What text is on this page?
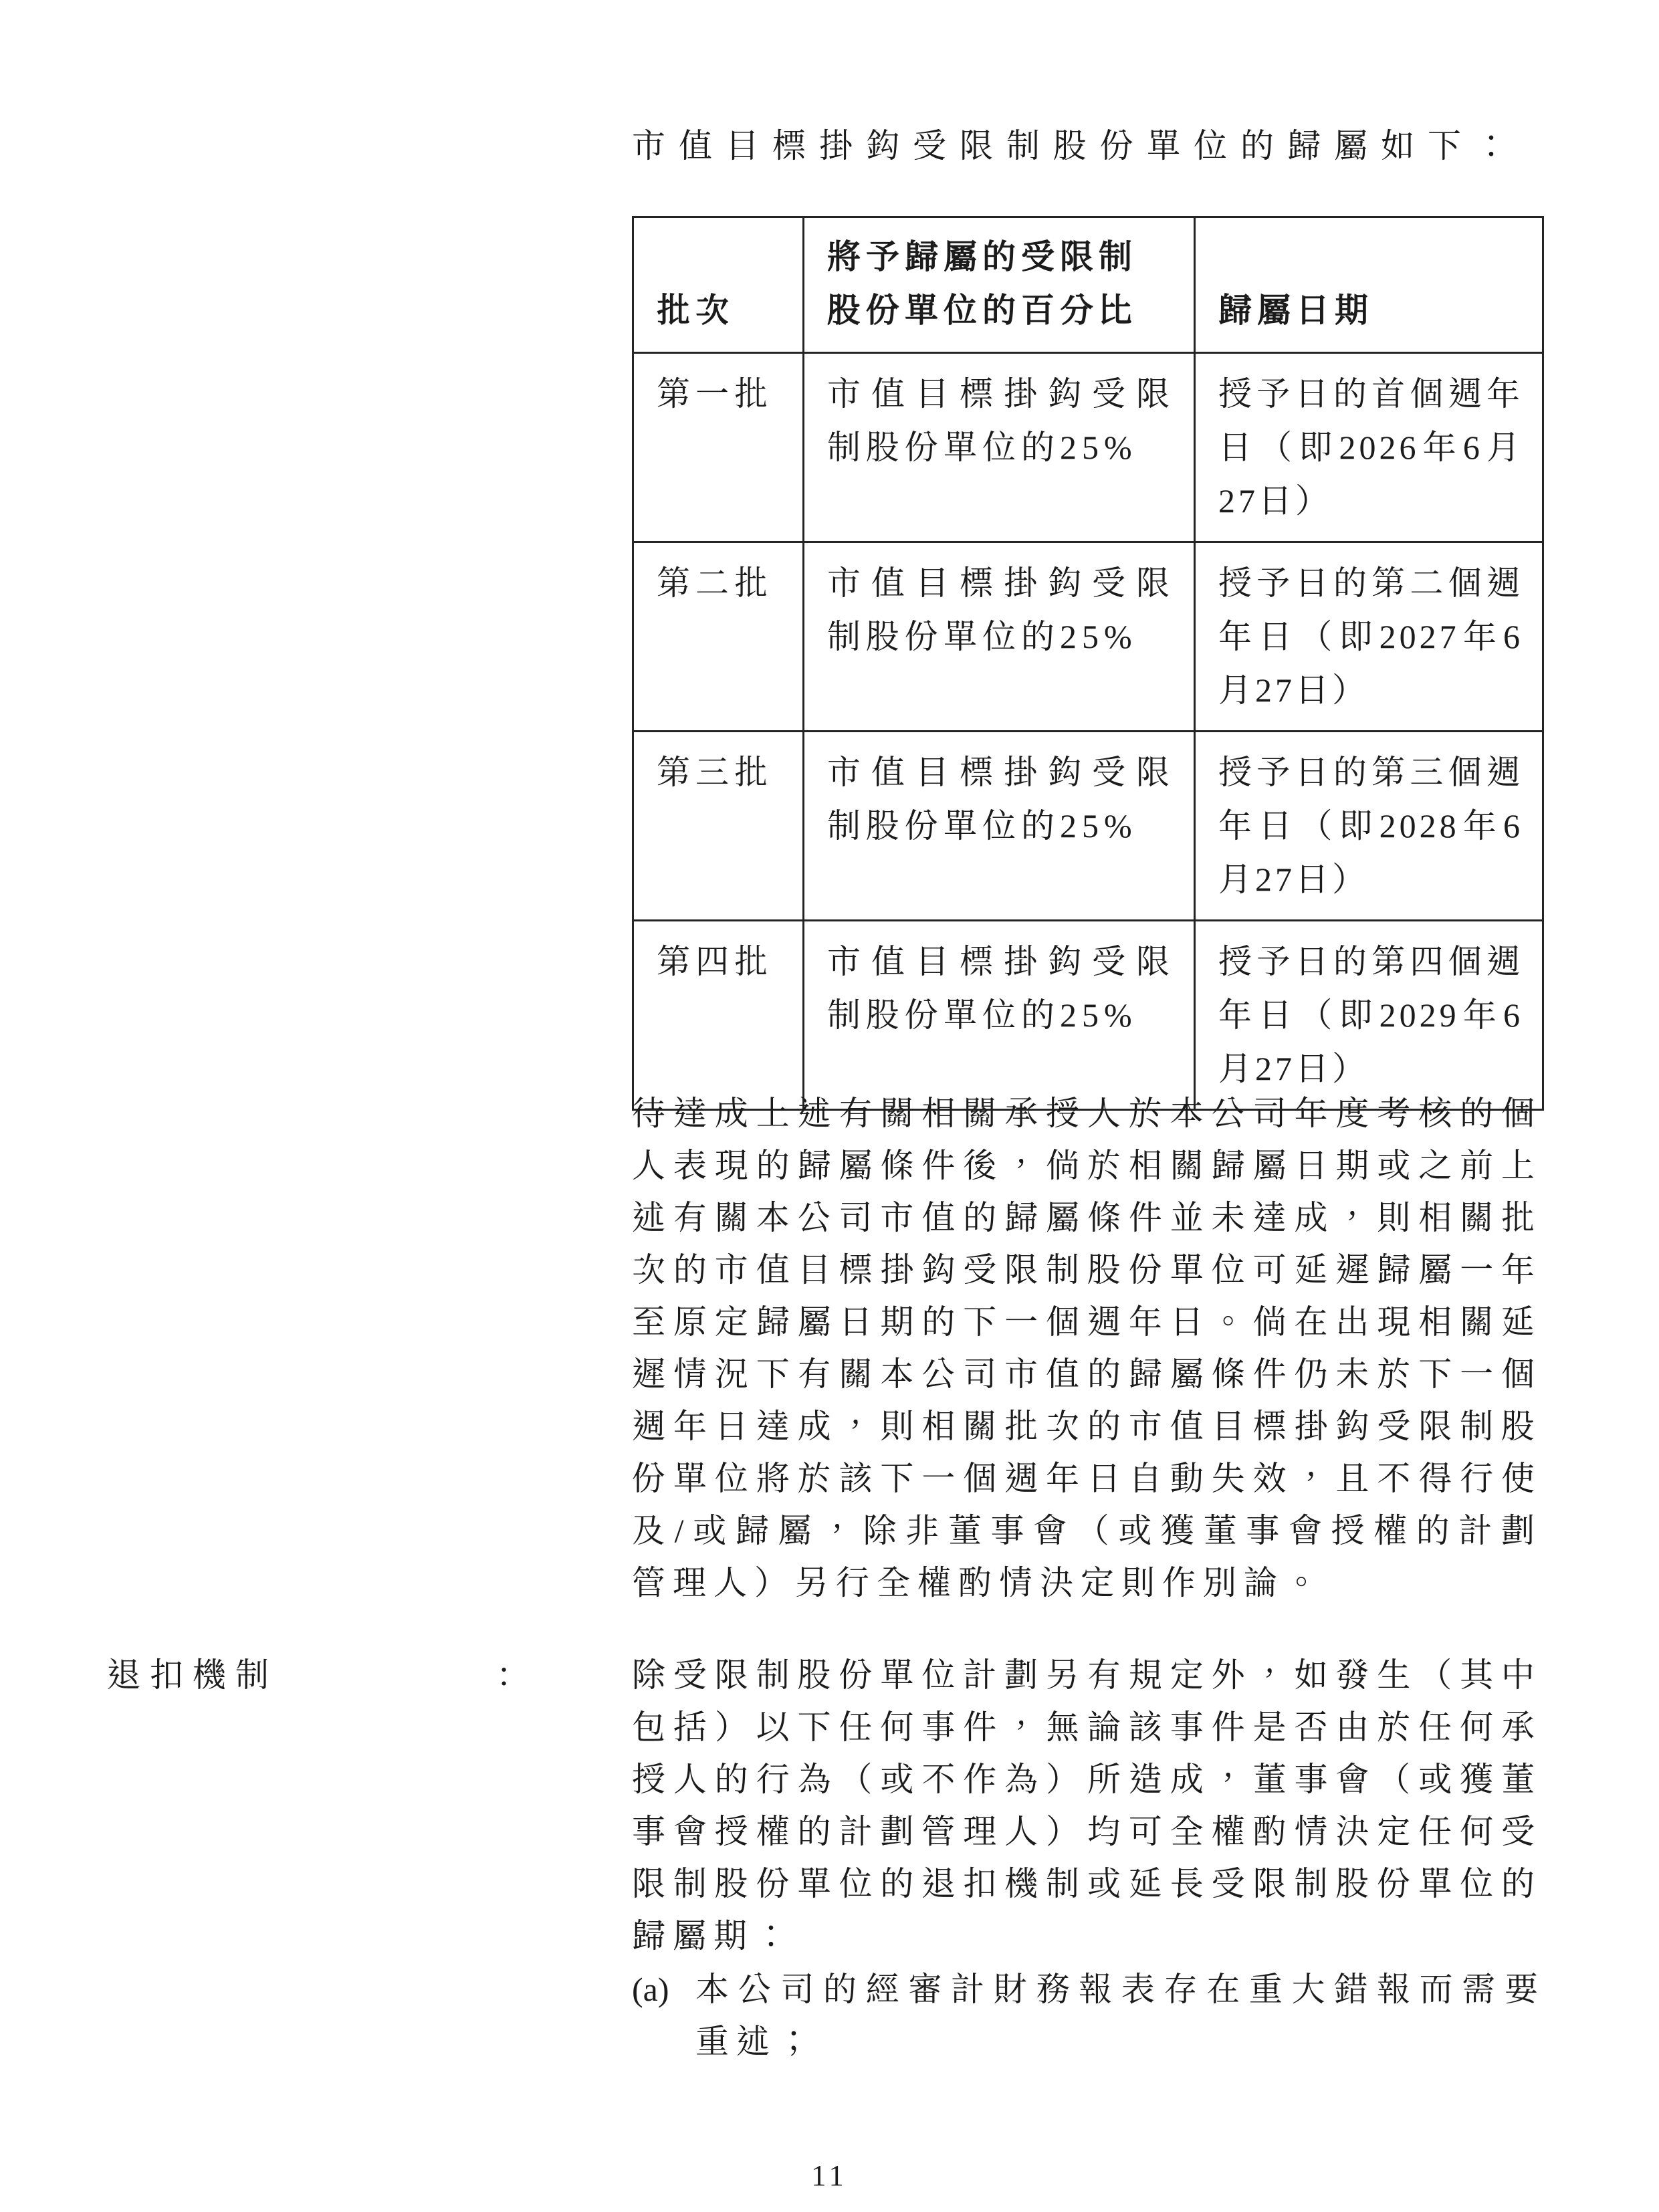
市值目標掛鈎受限制股份單位的歸屬如下：
批次	將予歸屬的受限制股份單位的百分比	歸屬日期
第一批	市值目標掛鈎受限制股份單位的25%	授予日的首個週年日（即2026年6月27日）
第二批	市值目標掛鈎受限制股份單位的25%	授予日的第二個週年日（即2027年6月27日）
第三批	市值目標掛鈎受限制股份單位的25%	授予日的第三個週年日（即2028年6月27日）
第四批	市值目標掛鈎受限制股份單位的25%	授予日的第四個週年日（即2029年6月27日）
待達成上述有關相關承授人於本公司年度考核的個人表現的歸屬條件後，倘於相關歸屬日期或之前上述有關本公司市值的歸屬條件並未達成，則相關批次的市值目標掛鈎受限制股份單位可延遲歸屬一年至原定歸屬日期的下一個週年日。倘在出現相關延遲情況下有關本公司市值的歸屬條件仍未於下一個週年日達成，則相關批次的市值目標掛鈎受限制股份單位將於該下一個週年日自動失效，且不得行使及/或歸屬，除非董事會（或獲董事會授權的計劃管理人）另行全權酌情決定則作別論。
退扣機制	：	除受限制股份單位計劃另有規定外，如發生（其中包括）以下任何事件，無論該事件是否由於任何承授人的行為（或不作為）所造成，董事會（或獲董事會授權的計劃管理人）均可全權酌情決定任何受限制股份單位的退扣機制或延長受限制股份單位的歸屬期：
(a) 本公司的經審計財務報表存在重大錯報而需要重述；
11
